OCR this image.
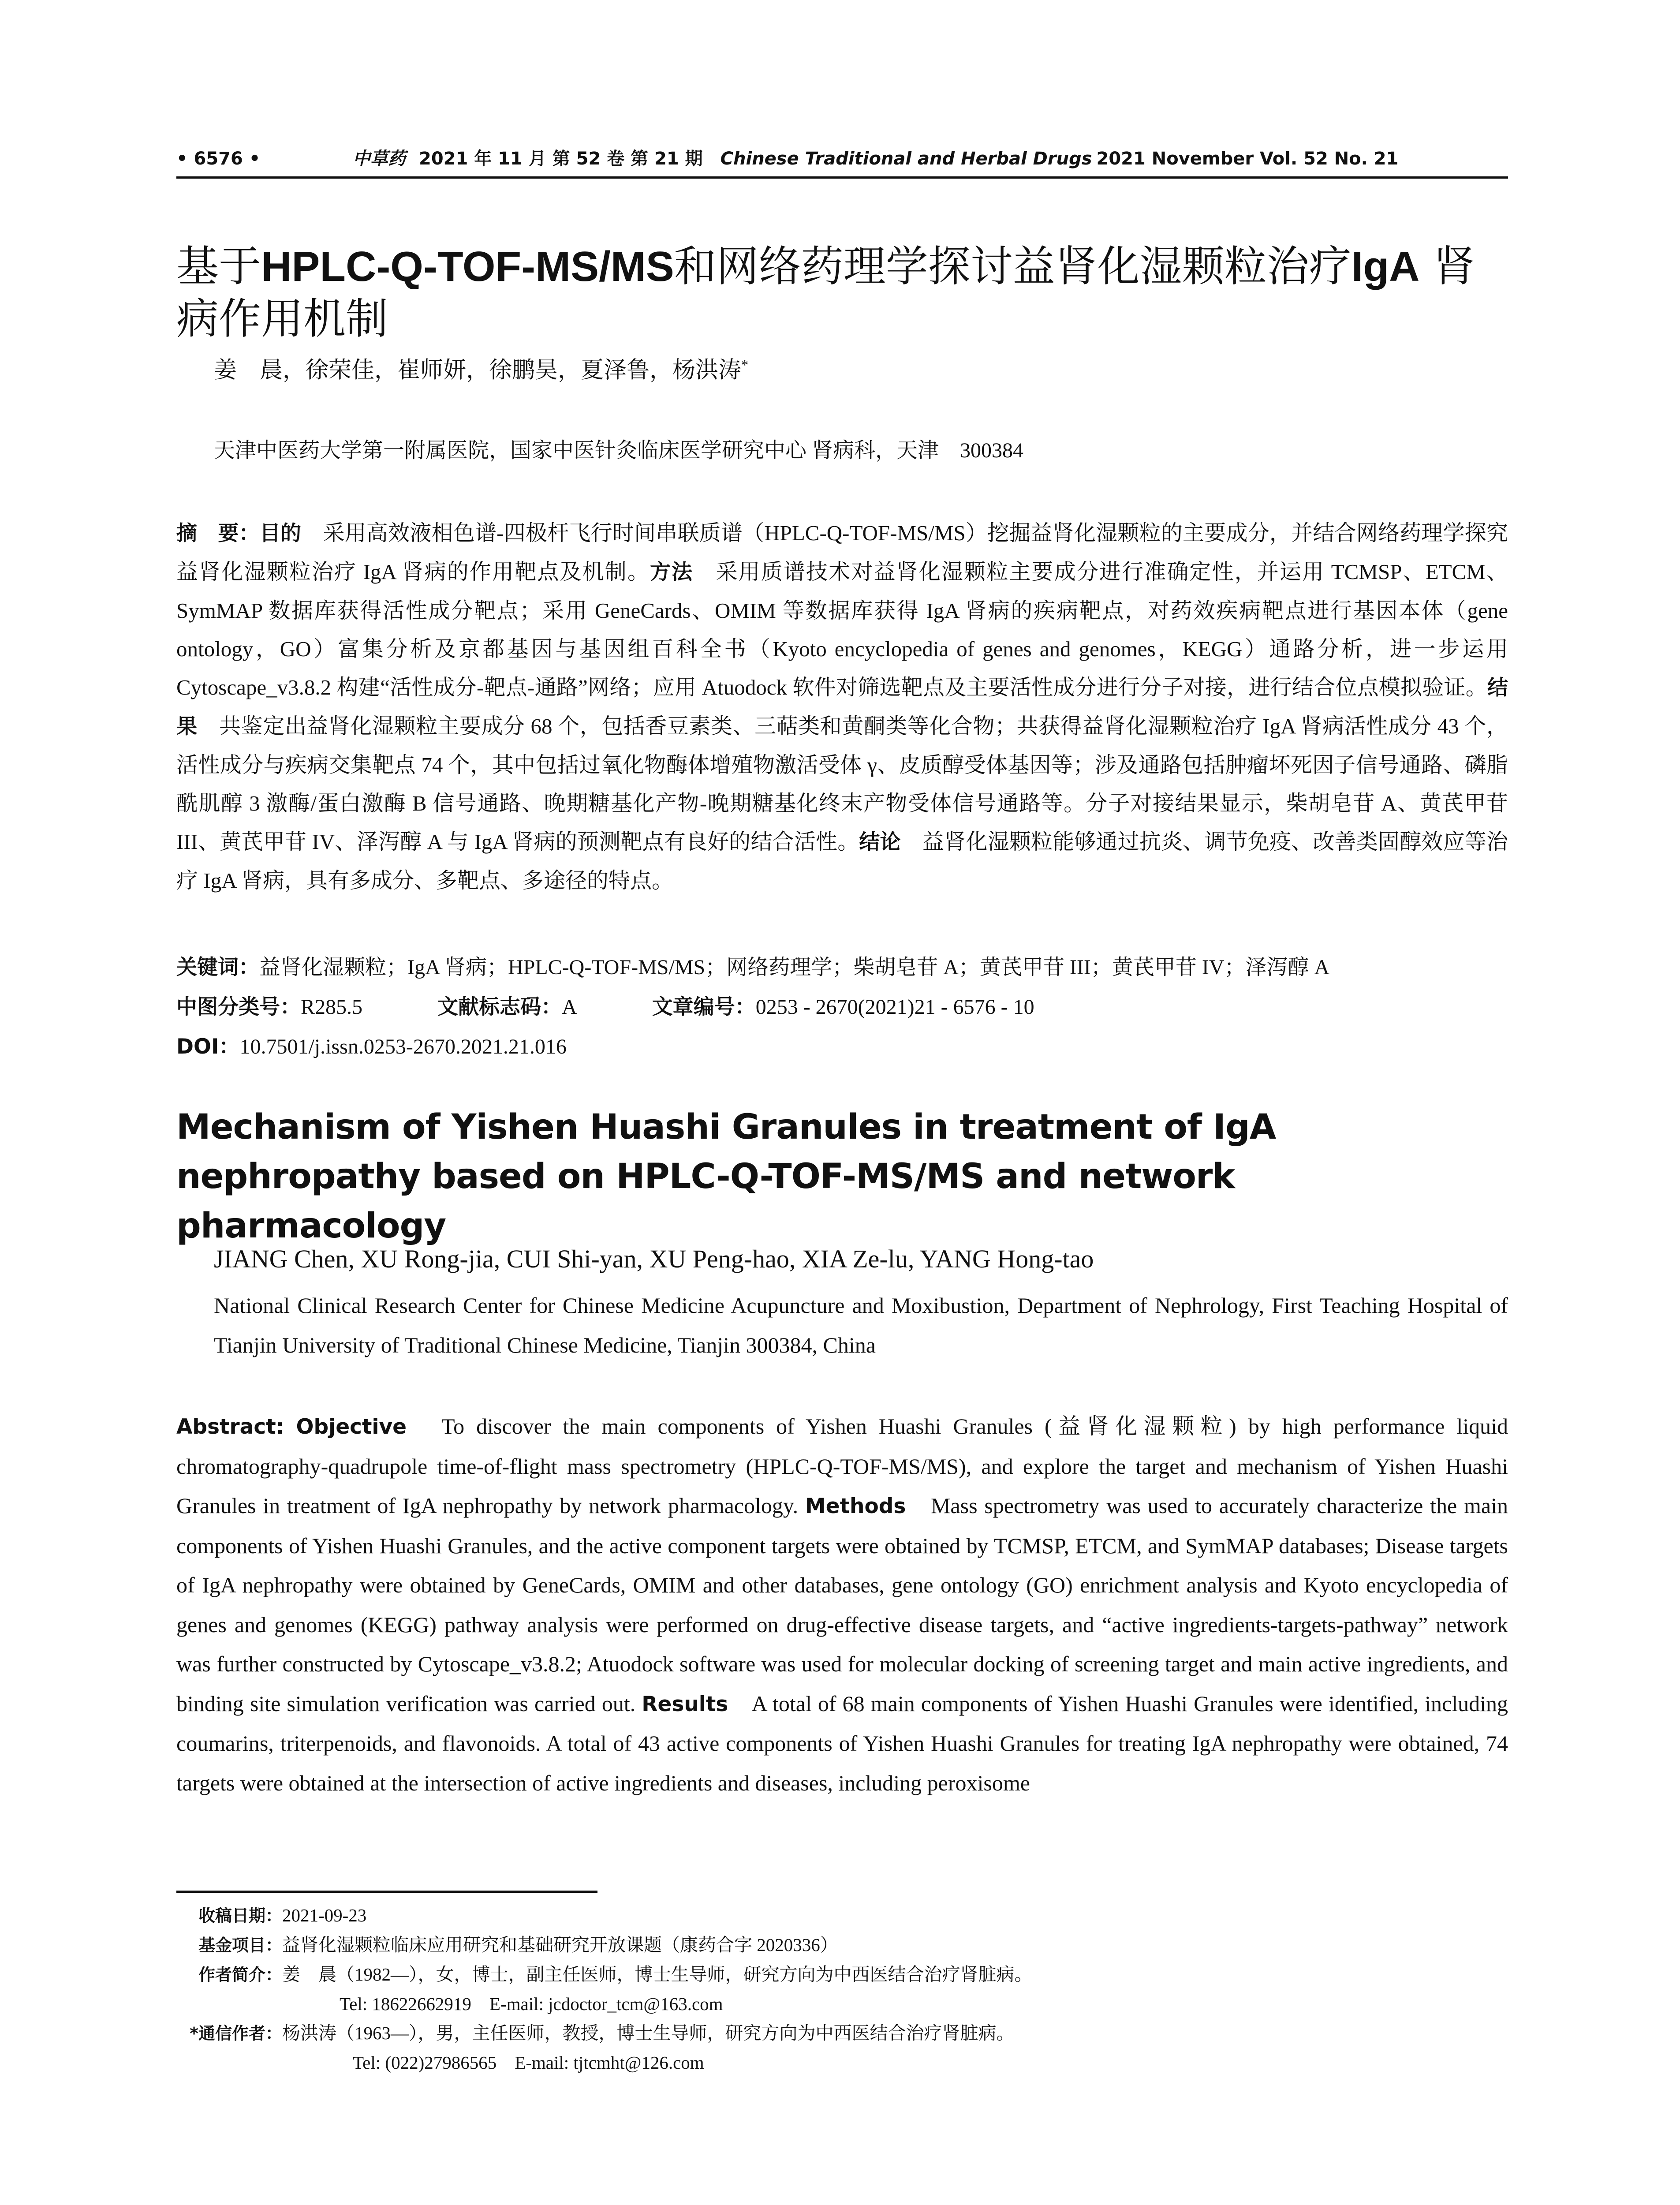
• 6576 •	中草药 2021 年 11 月 第 52 卷 第 21 期 Chinese Traditional and Herbal Drugs 2021 November Vol. 52 No. 21
基于HPLC-Q-TOF-MS/MS和网络药理学探讨益肾化湿颗粒治疗IgA 肾病作用机制
姜　晨，徐荣佳，崔师妍，徐鹏昊，夏泽鲁，杨洪涛*
天津中医药大学第一附属医院，国家中医针灸临床医学研究中心 肾病科，天津　300384
摘　要：目的　采用高效液相色谱-四极杆飞行时间串联质谱（HPLC-Q-TOF-MS/MS）挖掘益肾化湿颗粒的主要成分，并结合网络药理学探究益肾化湿颗粒治疗 IgA 肾病的作用靶点及机制。方法　采用质谱技术对益肾化湿颗粒主要成分进行准确定性，并运用 TCMSP、ETCM、SymMAP 数据库获得活性成分靶点；采用 GeneCards、OMIM 等数据库获得 IgA 肾病的疾病靶点，对药效疾病靶点进行基因本体（gene ontology，GO）富集分析及京都基因与基因组百科全书（Kyoto encyclopedia of genes and genomes，KEGG）通路分析，进一步运用 Cytoscape_v3.8.2 构建“活性成分-靶点-通路”网络；应用 Atuodock 软件对筛选靶点及主要活性成分进行分子对接，进行结合位点模拟验证。结果　共鉴定出益肾化湿颗粒主要成分 68 个，包括香豆素类、三萜类和黄酮类等化合物；共获得益肾化湿颗粒治疗 IgA 肾病活性成分 43 个，活性成分与疾病交集靶点 74 个，其中包括过氧化物酶体增殖物激活受体 γ、皮质醇受体基因等；涉及通路包括肿瘤坏死因子信号通路、磷脂酰肌醇 3 激酶/蛋白激酶 B 信号通路、晚期糖基化产物-晚期糖基化终末产物受体信号通路等。分子对接结果显示，柴胡皂苷 A、黄芪甲苷 III、黄芪甲苷 IV、泽泻醇 A 与 IgA 肾病的预测靶点有良好的结合活性。结论　益肾化湿颗粒能够通过抗炎、调节免疫、改善类固醇效应等治疗 IgA 肾病，具有多成分、多靶点、多途径的特点。
关键词：益肾化湿颗粒；IgA 肾病；HPLC-Q-TOF-MS/MS；网络药理学；柴胡皂苷 A；黄芪甲苷 III；黄芪甲苷 IV；泽泻醇 A
中图分类号：R285.5	文献标志码：A	文章编号：0253 - 2670(2021)21 - 6576 - 10
DOI：10.7501/j.issn.0253-2670.2021.21.016
Mechanism of Yishen Huashi Granules in treatment of IgA nephropathy based on HPLC-Q-TOF-MS/MS and network pharmacology
JIANG Chen, XU Rong-jia, CUI Shi-yan, XU Peng-hao, XIA Ze-lu, YANG Hong-tao
National Clinical Research Center for Chinese Medicine Acupuncture and Moxibustion, Department of Nephrology, First Teaching Hospital of Tianjin University of Traditional Chinese Medicine, Tianjin 300384, China
Abstract: Objective　To discover the main components of Yishen Huashi Granules (益肾化湿颗粒) by high performance liquid chromatography-quadrupole time-of-flight mass spectrometry (HPLC-Q-TOF-MS/MS), and explore the target and mechanism of Yishen Huashi Granules in treatment of IgA nephropathy by network pharmacology. Methods　Mass spectrometry was used to accurately characterize the main components of Yishen Huashi Granules, and the active component targets were obtained by TCMSP, ETCM, and SymMAP databases; Disease targets of IgA nephropathy were obtained by GeneCards, OMIM and other databases, gene ontology (GO) enrichment analysis and Kyoto encyclopedia of genes and genomes (KEGG) pathway analysis were performed on drug-effective disease targets, and “active ingredients-targets-pathway” network was further constructed by Cytoscape_v3.8.2; Atuodock software was used for molecular docking of screening target and main active ingredients, and binding site simulation verification was carried out. Results　A total of 68 main components of Yishen Huashi Granules were identified, including coumarins, triterpenoids, and flavonoids. A total of 43 active components of Yishen Huashi Granules for treating IgA nephropathy were obtained, 74 targets were obtained at the intersection of active ingredients and diseases, including peroxisome
收稿日期：2021-09-23
基金项目：益肾化湿颗粒临床应用研究和基础研究开放课题（康药合字 2020336）
作者简介：姜　晨（1982—），女，博士，副主任医师，博士生导师，研究方向为中西医结合治疗肾脏病。
Tel: 18622662919　E-mail: jcdoctor_tcm@163.com
*通信作者：杨洪涛（1963—），男，主任医师，教授，博士生导师，研究方向为中西医结合治疗肾脏病。
Tel: (022)27986565　E-mail: tjtcmht@126.com
